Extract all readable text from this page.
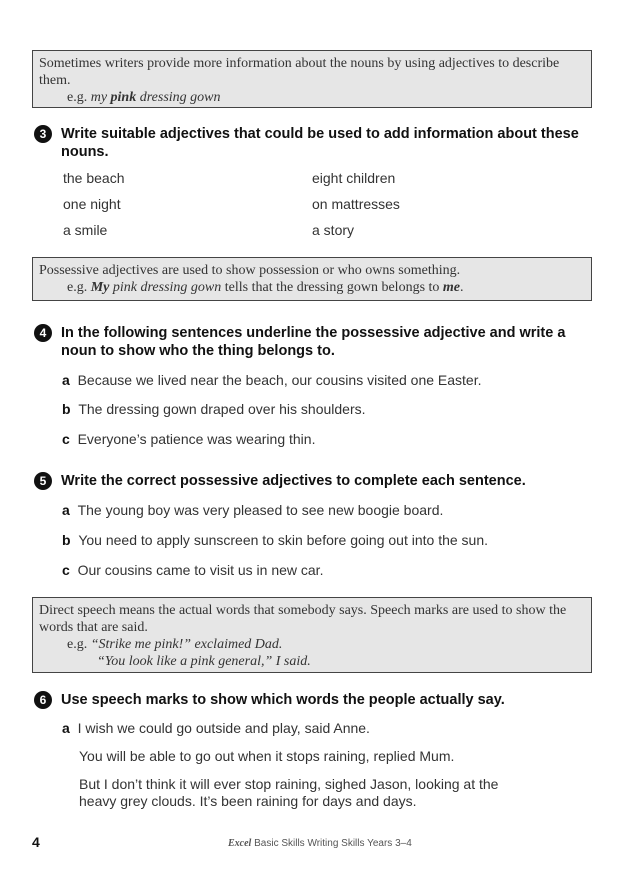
Sometimes writers provide more information about the nouns by using adjectives to describe them.
e.g. my pink dressing gown
3	Write suitable adjectives that could be used to add information about these nouns.
the beach	eight children
one night	on mattresses
a smile	a story
Possessive adjectives are used to show possession or who owns something.
e.g. My pink dressing gown tells that the dressing gown belongs to me.
4	In the following sentences underline the possessive adjective and write a noun to show who the thing belongs to.
a Because we lived near the beach, our cousins visited one Easter.
b The dressing gown draped over his shoulders.
c Everyone’s patience was wearing thin.
5	Write the correct possessive adjectives to complete each sentence.
a The young boy was very pleased to see new boogie board.
b You need to apply sunscreen to skin before going out into the sun.
c Our cousins came to visit us in new car.
Direct speech means the actual words that somebody says. Speech marks are used to show the words that are said.
e.g. “Strike me pink!” exclaimed Dad.
“You look like a pink general,” I said.
6	Use speech marks to show which words the people actually say.
a I wish we could go outside and play, said Anne.
You will be able to go out when it stops raining, replied Mum.
But I don’t think it will ever stop raining, sighed Jason, looking at the
heavy grey clouds. It’s been raining for days and days.
4	Excel Basic Skills Writing Skills Years 3–4
